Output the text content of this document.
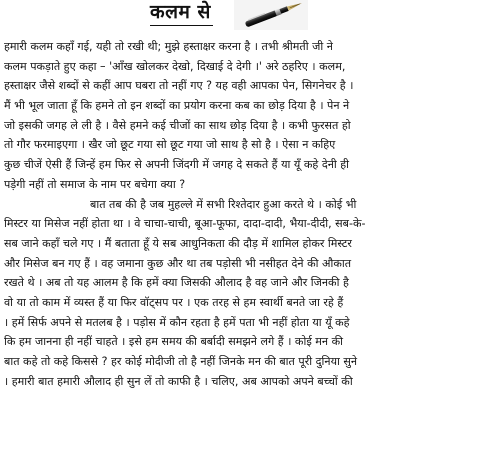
कलम से
हमारी कलम कहाँ गई, यही तो रखी थी; मुझे हस्ताक्षर करना है । तभी श्रीमती जी ने
कलम पकड़ाते हुए कहा – 'आँख खोलकर देखो, दिखाई दे देगी ।' अरे ठहरिए । कलम,
हस्ताक्षर जैसे शब्दों से कहीं आप घबरा तो नहीं गए ? यह वही आपका पेन, सिगनेचर है ।
मैं भी भूल जाता हूँ कि हमने तो इन शब्दों का प्रयोग करना कब का छोड़ दिया है । पेन ने
जो इसकी जगह ले ली है । वैसे हमने कई चीजों का साथ छोड़ दिया है । कभी फुरसत हो
तो गौर फरमाइएगा । खैर जो छूट गया सो छूट गया जो साथ है सो है । ऐसा न कहिए
कुछ चीजें ऐसी हैं जिन्हें हम फिर से अपनी जिंदगी में जगह दे सकते हैं या यूँ कहे देनी ही
पड़ेगी नहीं तो समाज के नाम पर बचेगा क्या ?
बात तब की है जब मुहल्ले में सभी रिश्तेदार हुआ करते थे । कोई भी
मिस्टर या मिसेज नहीं होता था । वे चाचा-चाची, बूआ-फूफा, दादा-दादी, भैया-दीदी, सब-के-
सब जाने कहाँ चले गए । मैं बताता हूँ ये सब आधुनिकता की दौड़ में शामिल होकर मिस्टर
और मिसेज बन गए हैं । वह जमाना कुछ और था तब पड़ोसी भी नसीहत देने की औकात
रखते थे । अब तो यह आलम है कि हमें क्या जिसकी औलाद है वह जाने और जिनकी है
वो या तो काम में व्यस्त हैं या फिर वॉट्सप पर । एक तरह से हम स्वार्थी बनते जा रहे हैं
। हमें सिर्फ अपने से मतलब है । पड़ोस में कौन रहता है हमें पता भी नहीं होता या यूँ कहे
कि हम जानना ही नहीं चाहते । इसे हम समय की बर्बादी समझने लगे हैं । कोई मन की
बात कहे तो कहे किससे ? हर कोई मोदीजी तो है नहीं जिनके मन की बात पूरी दुनिया सुने
। हमारी बात हमारी औलाद ही सुन लें तो काफी है । चलिए, अब आपको अपने बच्चों की
